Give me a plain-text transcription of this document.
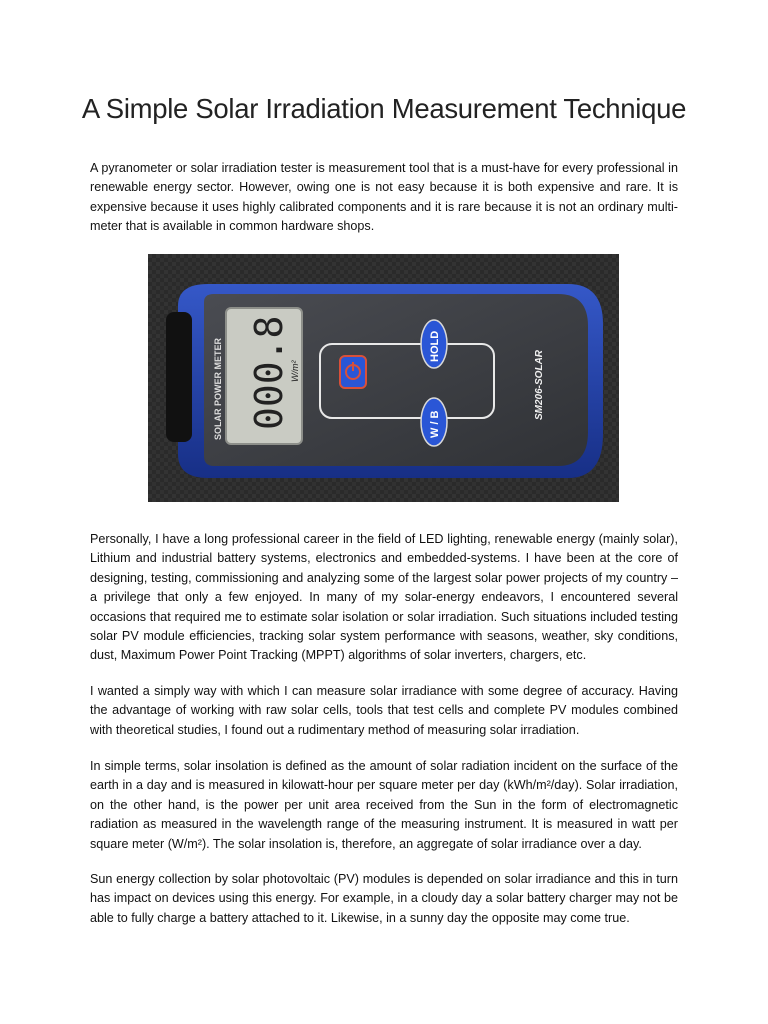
A Simple Solar Irradiation Measurement Technique

A pyranometer or solar irradiation tester is measurement tool that is a must-have for every professional in renewable energy sector. However, owing one is not easy because it is both expensive and rare. It is expensive because it uses highly calibrated components and it is rare because it is not an ordinary multi-meter that is available in common hardware shops.

SOLAR POWER METER 000.8 W/m²
HOLD
W / B
SM206-SOLAR

Personally, I have a long professional career in the field of LED lighting, renewable energy (mainly solar), Lithium and industrial battery systems, electronics and embedded-systems. I have been at the core of designing, testing, commissioning and analyzing some of the largest solar power projects of my country – a privilege that only a few enjoyed. In many of my solar-energy endeavors, I encountered several occasions that required me to estimate solar isolation or solar irradiation. Such situations included testing solar PV module efficiencies, tracking solar system performance with seasons, weather, sky conditions, dust, Maximum Power Point Tracking (MPPT) algorithms of solar inverters, chargers, etc.

I wanted a simply way with which I can measure solar irradiance with some degree of accuracy. Having the advantage of working with raw solar cells, tools that test cells and complete PV modules combined with theoretical studies, I found out a rudimentary method of measuring solar irradiation.

In simple terms, solar insolation is defined as the amount of solar radiation incident on the surface of the earth in a day and is measured in kilowatt-hour per square meter per day (kWh/m²/day). Solar irradiation, on the other hand, is the power per unit area received from the Sun in the form of electromagnetic radiation as measured in the wavelength range of the measuring instrument. It is measured in watt per square meter (W/m²). The solar insolation is, therefore, an aggregate of solar irradiance over a day.

Sun energy collection by solar photovoltaic (PV) modules is depended on solar irradiance and this in turn has impact on devices using this energy. For example, in a cloudy day a solar battery charger may not be able to fully charge a battery attached to it. Likewise, in a sunny day the opposite may come true.
